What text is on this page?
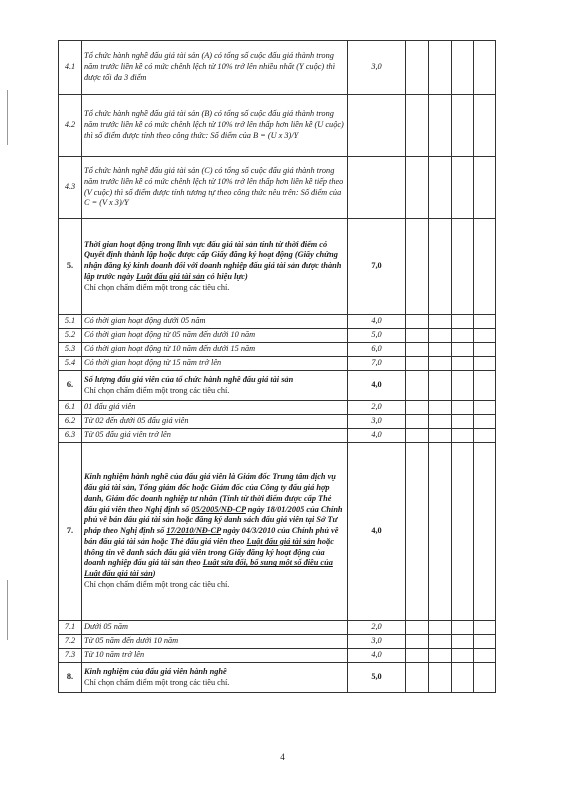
4.1	Tổ chức hành nghề đấu giá tài sản (A) có tổng số cuộc đấu giá thành trong năm trước liền kề có mức chênh lệch từ 10% trở lên nhiều nhất (Y cuộc) thì được tối đa 3 điểm	3,0				
4.2	Tổ chức hành nghề đấu giá tài sản (B) có tổng số cuộc đấu giá thành trong năm trước liền kề có mức chênh lệch từ 10% trở lên thấp hơn liền kề (U cuộc) thì số điểm được tính theo công thức: Số điểm của B = (U x 3)/Y					

4.3	Tổ chức hành nghề đấu giá tài sản (C) có tổng số cuộc đấu giá thành trong năm trước liền kề có mức chênh lệch từ 10% trở lên thấp hơn liền kề tiếp theo (V cuộc) thì số điểm được tính tương tự theo công thức nêu trên: Số điểm của C = (V x 3)/Y					

5.	Thời gian hoạt động trong lĩnh vực đấu giá tài sản tính từ thời điểm có Quyết định thành lập hoặc được cấp Giấy đăng ký hoạt động (Giấy chứng nhận đăng ký kinh doanh đối với doanh nghiệp đấu giá tài sản được thành lập trước ngày Luật đấu giá tài sản có hiệu lực)
Chỉ chọn chấm điểm một trong các tiêu chí.	7,0				
5.1	Có thời gian hoạt động dưới 05 năm	4,0				
5.2	Có thời gian hoạt động từ 05 năm đến dưới 10 năm	5,0				
5.3	Có thời gian hoạt động từ 10 năm đến dưới 15 năm	6,0				
5.4	Có thời gian hoạt động từ 15 năm trở lên	7,0				
6.	Số lượng đấu giá viên của tổ chức hành nghề đấu giá tài sản
Chỉ chọn chấm điểm một trong các tiêu chí.	4,0				
6.1	01 đấu giá viên	2,0				
6.2	Từ 02 đến dưới 05 đấu giá viên	3,0				
6.3	Từ 05 đấu giá viên trở lên	4,0				
7.	Kinh nghiệm hành nghề của đấu giá viên là Giám đốc Trung tâm dịch vụ đấu giá tài sản, Tổng giám đốc hoặc Giám đốc của Công ty đấu giá hợp danh, Giám đốc doanh nghiệp tư nhân (Tính từ thời điểm được cấp Thẻ đấu giá viên theo Nghị định số 05/2005/NĐ-CP ngày 18/01/2005 của Chính phủ về bán đấu giá tài sản hoặc đăng ký danh sách đấu giá viên tại Sở Tư pháp theo Nghị định số 17/2010/NĐ-CP ngày 04/3/2010 của Chính phủ về bán đấu giá tài sản hoặc Thẻ đấu giá viên theo Luật đấu giá tài sản hoặc thông tin về danh sách đấu giá viên trong Giấy đăng ký hoạt động của doanh nghiệp đấu giá tài sản theo Luật sửa đổi, bổ sung một số điều của Luật đấu giá tài sản)
Chỉ chọn chấm điểm một trong các tiêu chí.	4,0				
7.1	Dưới 05 năm	2,0				
7.2	Từ 05 năm đến dưới 10 năm	3,0				
7.3	Từ 10 năm trở lên	4,0				
8.	Kinh nghiệm của đấu giá viên hành nghề
Chỉ chọn chấm điểm một trong các tiêu chí.	5,0				
4
